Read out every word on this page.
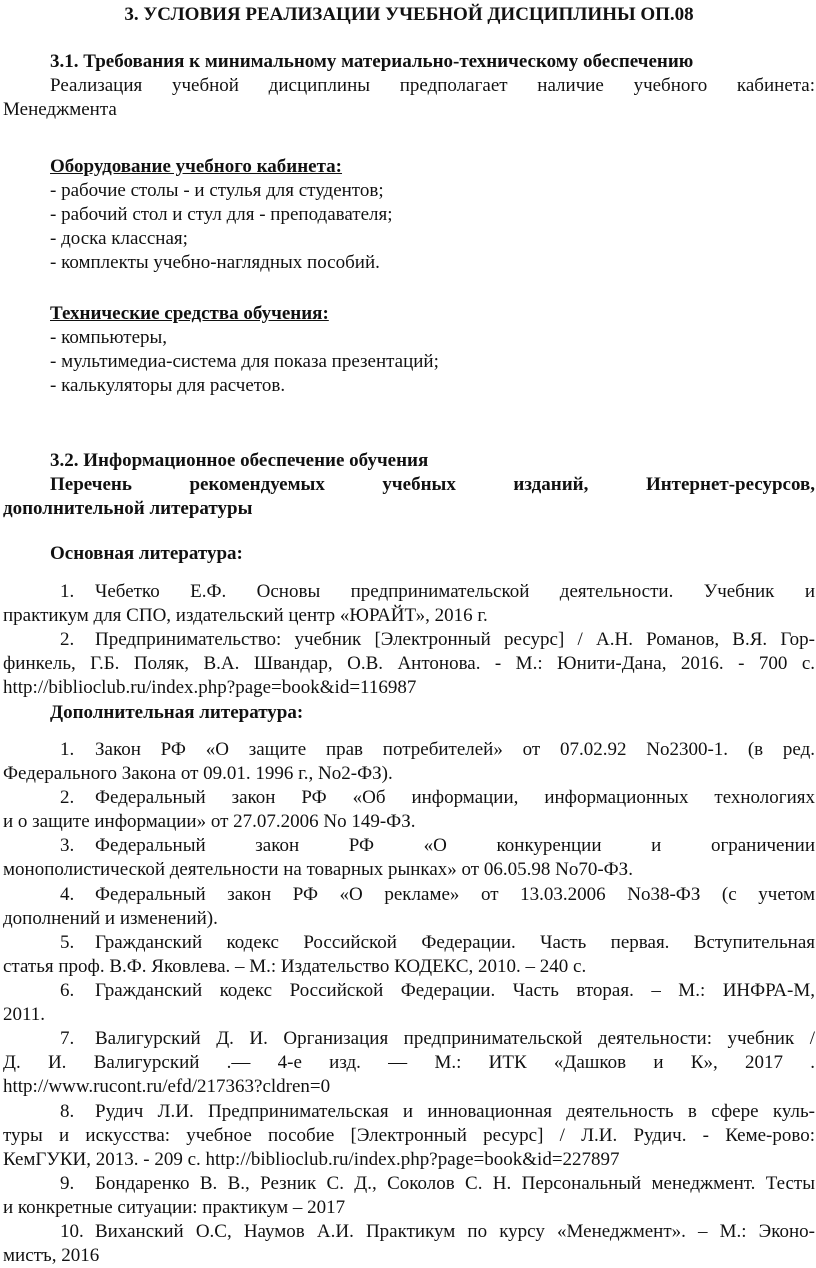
3. УСЛОВИЯ РЕАЛИЗАЦИИ УЧЕБНОЙ ДИСЦИПЛИНЫ ОП.08
3.1. Требования к минимальному материально-техническому обеспечению
Реализация учебной дисциплины предполагает наличие учебного кабинета:
Менеджмента
Оборудование учебного кабинета:
- рабочие столы - и стулья для студентов;
- рабочий стол и стул для - преподавателя;
- доска классная;
- комплекты учебно-наглядных пособий.
Технические средства обучения:
- компьютеры,
- мультимедиа-система для показа презентаций;
- калькуляторы для расчетов.
3.2. Информационное обеспечение обучения
Перечень рекомендуемых учебных изданий, Интернет-ресурсов,
дополнительной литературы
Основная литература:
1. Чебетко Е.Ф. Основы предпринимательской деятельности. Учебник и
практикум для СПО, издательский центр «ЮРАЙТ», 2016 г.
2. Предпринимательство: учебник [Электронный ресурс] / А.Н. Романов, В.Я. Гор-
финкель, Г.Б. Поляк, В.А. Швандар, О.В. Антонова. - М.: Юнити-Дана, 2016. - 700 с.
http://biblioclub.ru/index.php?page=book&id=116987
Дополнительная литература:
1. Закон РФ «О защите прав потребителей» от 07.02.92 No2300-1. (в ред.
Федерального Закона от 09.01. 1996 г., No2-ФЗ).
2. Федеральный закон РФ «Об информации, информационных технологиях
и о защите информации» от 27.07.2006 No 149-ФЗ.
3. Федеральный закон РФ «О конкуренции и ограничении
монополистической деятельности на товарных рынках» от 06.05.98 No70-ФЗ.
4. Федеральный закон РФ «О рекламе» от 13.03.2006 No38-ФЗ (с учетом
дополнений и изменений).
5. Гражданский кодекс Российской Федерации. Часть первая. Вступительная
статья проф. В.Ф. Яковлева. – М.: Издательство КОДЕКС, 2010. – 240 с.
6. Гражданский кодекс Российской Федерации. Часть вторая. – М.: ИНФРА-М,
2011.
7. Валигурский Д. И. Организация предпринимательской деятельности: учебник /
Д. И. Валигурский .— 4-е изд. — М.: ИТК «Дашков и К», 2017 .
http://www.rucont.ru/efd/217363?cldren=0
8. Рудич Л.И. Предпринимательская и инновационная деятельность в сфере куль-
туры и искусства: учебное пособие [Электронный ресурс] / Л.И. Рудич. - Кеме-рово:
КемГУКИ, 2013. - 209 с. http://biblioclub.ru/index.php?page=book&id=227897
9. Бондаренко В. В., Резник С. Д., Соколов С. Н. Персональный менеджмент. Тесты
и конкретные ситуации: практикум – 2017
10. Виханский О.С, Наумов А.И. Практикум по курсу «Менеджмент». – М.: Эконо-
мистъ, 2016
